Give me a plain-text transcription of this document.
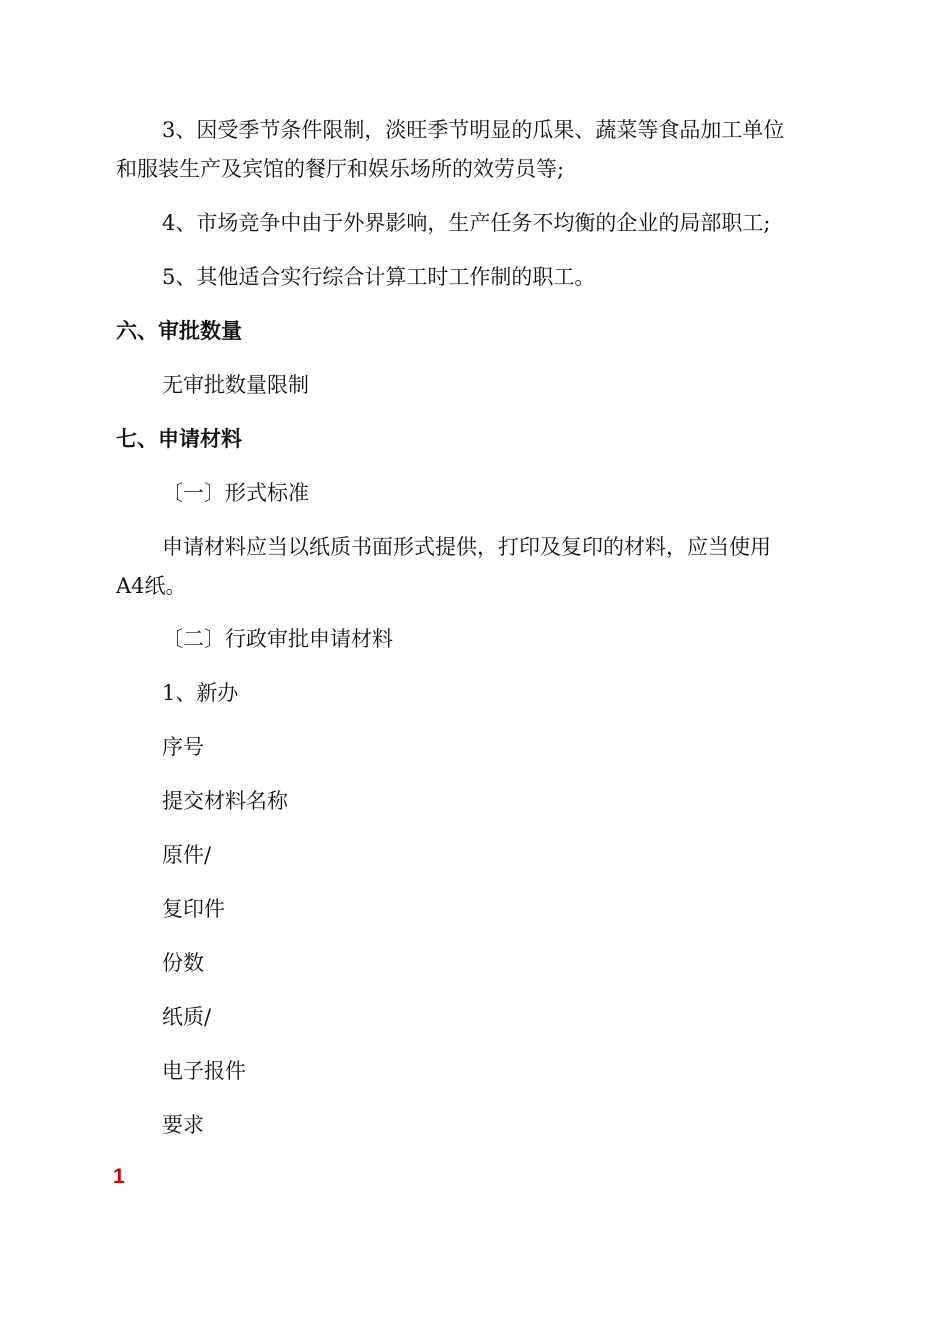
3、因受季节条件限制，淡旺季节明显的瓜果、蔬菜等食品加工单位
和服装生产及宾馆的餐厅和娱乐场所的效劳员等;
4、市场竞争中由于外界影响，生产任务不均衡的企业的局部职工;
5、其他适合实行综合计算工时工作制的职工。
六、审批数量
无审批数量限制
七、申请材料
〔一〕形式标准
申请材料应当以纸质书面形式提供，打印及复印的材料，应当使用
A4纸。
〔二〕行政审批申请材料
1、新办
序号
提交材料名称
原件/
复印件
份数
纸质/
电子报件
要求
1
